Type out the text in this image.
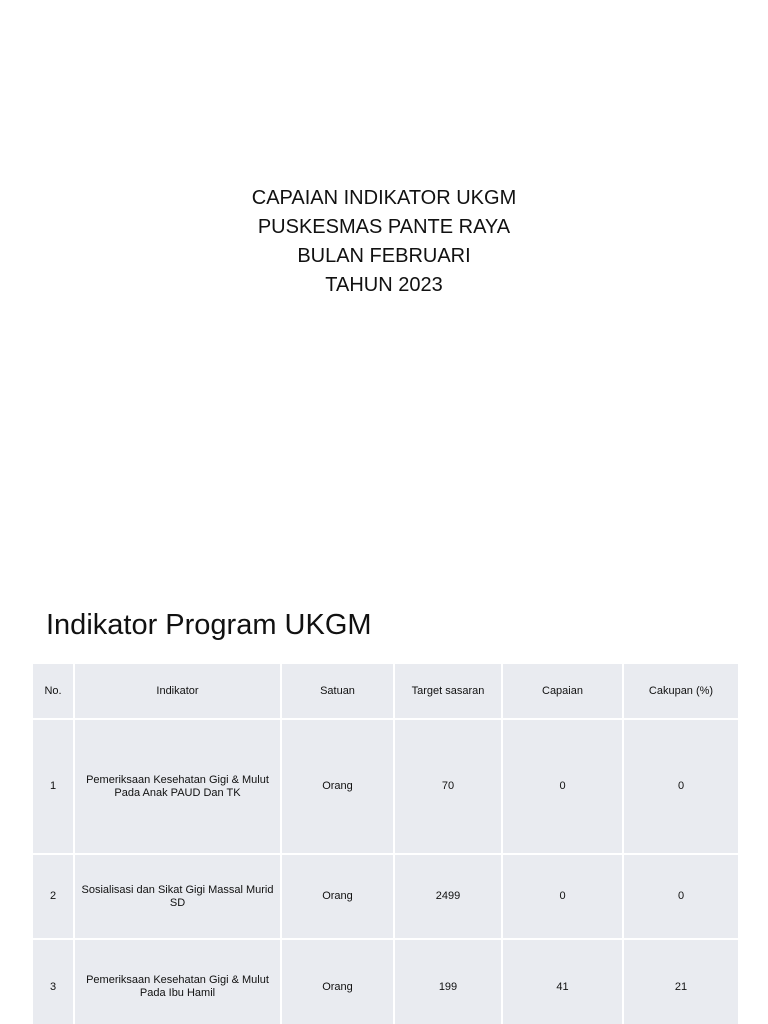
CAPAIAN INDIKATOR UKGM
PUSKESMAS PANTE RAYA
BULAN FEBRUARI
TAHUN 2023
Indikator Program UKGM
No.	Indikator	Satuan	Target sasaran	Capaian	Cakupan (%)
1	Pemeriksaan Kesehatan Gigi & Mulut Pada Anak PAUD Dan TK	Orang	70	0	0
2	Sosialisasi dan Sikat Gigi Massal Murid SD	Orang	2499	0	0
3	Pemeriksaan Kesehatan Gigi & Mulut Pada Ibu Hamil	Orang	199	41	21
